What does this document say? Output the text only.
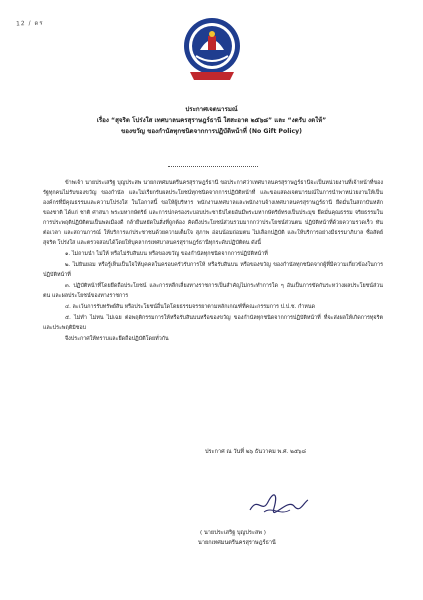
12 / ดร
ประกาศเจตนารมณ์
เรื่อง “สุจริต โปร่งใส เทศบาลนครสุราษฎร์ธานี ใสสะอาด ๒๕๖๘” และ “งดรับ งดให้”
ของขวัญ ของกำนัลทุกชนิดจากการปฏิบัติหน้าที่ (No Gift Policy)

ข้าพเจ้า นายประเสริฐ บุญประสพ นายกเทศมนตรีนครสุราษฎร์ธานี ขอประกาศว่าเทศบาลนครสุราษฎร์ธานีจะเป็นหน่วยงานที่เจ้าหน้าที่ของรัฐทุกคนไม่รับของขวัญ ของกำนัล และไม่เรียกรับผลประโยชน์ทุกชนิดจากการปฏิบัติหน้าที่ และขอแสดงเจตนารมณ์ในการนำพาหน่วยงานให้เป็นองค์กรที่มีคุณธรรมและความโปร่งใส ในโอกาสนี้ ขอให้ผู้บริหาร พนักงานเทศบาลและพนักงานจ้างเทศบาลนครสุราษฎร์ธานี ยึดมั่นในสถาบันหลักของชาติ ได้แก่ ชาติ ศาสนา พระมหากษัตริย์ และการปกครองระบอบประชาธิปไตยอันมีพระมหากษัตริย์ทรงเป็นประมุข ยึดมั่นคุณธรรม จริยธรรมในการประพฤติปฏิบัติตนเป็นพลเมืองดี กล้ายืนหยัดในสิ่งที่ถูกต้อง คิดถึงประโยชน์ส่วนรวมมากกว่าประโยชน์ส่วนตน ปฏิบัติหน้าที่ด้วยความรวดเร็ว ทันต่อเวลา และสถานการณ์ ให้บริการแก่ประชาชนด้วยความเต็มใจ สุภาพ อ่อนน้อมถ่อมตน ไม่เลือกปฏิบัติ และให้บริการอย่างมีธรรมาภิบาล ซื่อสัตย์สุจริต โปร่งใส และตรวจสอบได้โดยให้บุคลากรเทศบาลนครสุราษฎร์ธานีทุกระดับปฏิบัติตน ดังนี้

๑. ไม่ถามนำ ไม่ให้ หรือไม่รับสินบน หรือของขวัญ ของกำนัลทุกชนิดจากการปฏิบัติหน้าที่

๒. ไม่ยินยอม หรือรู้เห็นเป็นใจให้บุคคลในครอบครัวรับการให้ หรือรับสินบน หรือของขวัญ ของกำนัลทุกชนิดจากผู้ที่มีความเกี่ยวข้องในการปฏิบัติหน้าที่

๓. ปฏิบัติหน้าที่โดยยึดถือประโยชน์ และการหลีกเลี่ยงทางราชการเป็นสำคัญไม่กระทำการใด ๆ อันเป็นการขัดกันระหว่างผลประโยชน์ส่วนตน และผลประโยชน์ของทางราชการ

๔. ละเว้นการรับทรัพย์สิน หรือประโยชน์อื่นใดโดยธรรมจรรยาตามหลักเกณฑ์ที่คณะกรรมการ ป.ป.ช. กำหนด

๕. ไม่ทำ ไม่ทน ไม่เฉย ต่อพฤติกรรมการให้หรือรับสินบนหรือของขวัญ ของกำนัลทุกชนิดจากการปฏิบัติหน้าที่ ที่จะส่งผลให้เกิดการทุจริตและประพฤติมิชอบ

จึงประกาศให้ทราบและยึดถือปฏิบัติโดยทั่วกัน

ประกาศ ณ วันที่ ๒๖ ธันวาคม พ.ศ. ๒๕๖๘
( นายประเสริฐ บุญประสพ )
นายกเทศมนตรีนครสุราษฎร์ธานี
